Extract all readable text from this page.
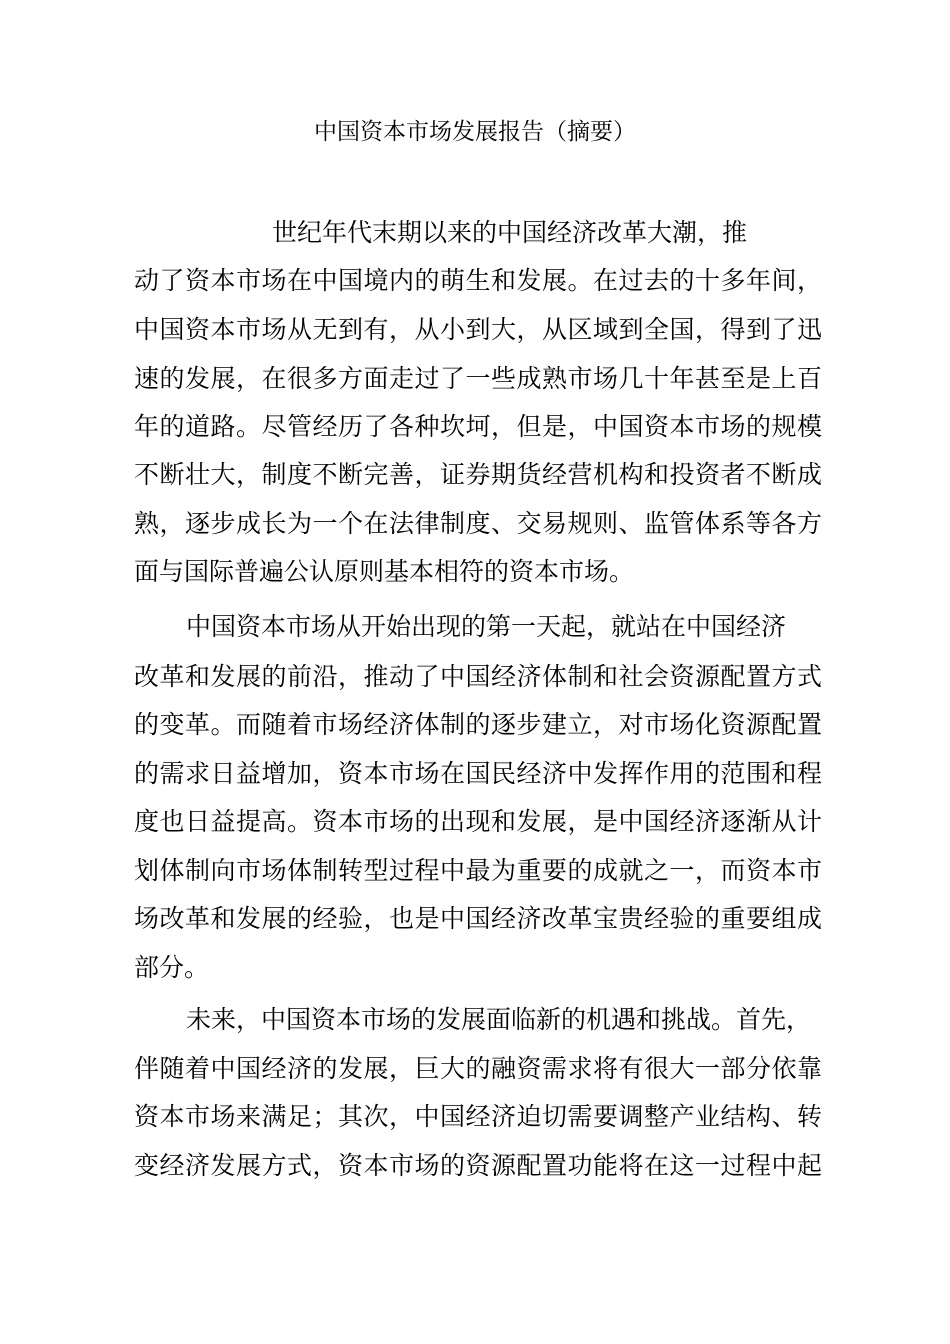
中国资本市场发展报告（摘要）
世纪年代末期以来的中国经济改革大潮，推
动了资本市场在中国境内的萌生和发展。在过去的十多年间，
中国资本市场从无到有，从小到大，从区域到全国，得到了迅
速的发展，在很多方面走过了一些成熟市场几十年甚至是上百
年的道路。尽管经历了各种坎坷，但是，中国资本市场的规模
不断壮大，制度不断完善，证券期货经营机构和投资者不断成
熟，逐步成长为一个在法律制度、交易规则、监管体系等各方
面与国际普遍公认原则基本相符的资本市场。
中国资本市场从开始出现的第一天起，就站在中国经济
改革和发展的前沿，推动了中国经济体制和社会资源配置方式
的变革。而随着市场经济体制的逐步建立，对市场化资源配置
的需求日益增加，资本市场在国民经济中发挥作用的范围和程
度也日益提高。资本市场的出现和发展，是中国经济逐渐从计
划体制向市场体制转型过程中最为重要的成就之一，而资本市
场改革和发展的经验，也是中国经济改革宝贵经验的重要组成
部分。
未来，中国资本市场的发展面临新的机遇和挑战。首先，
伴随着中国经济的发展，巨大的融资需求将有很大一部分依靠
资本市场来满足；其次，中国经济迫切需要调整产业结构、转
变经济发展方式，资本市场的资源配置功能将在这一过程中起
